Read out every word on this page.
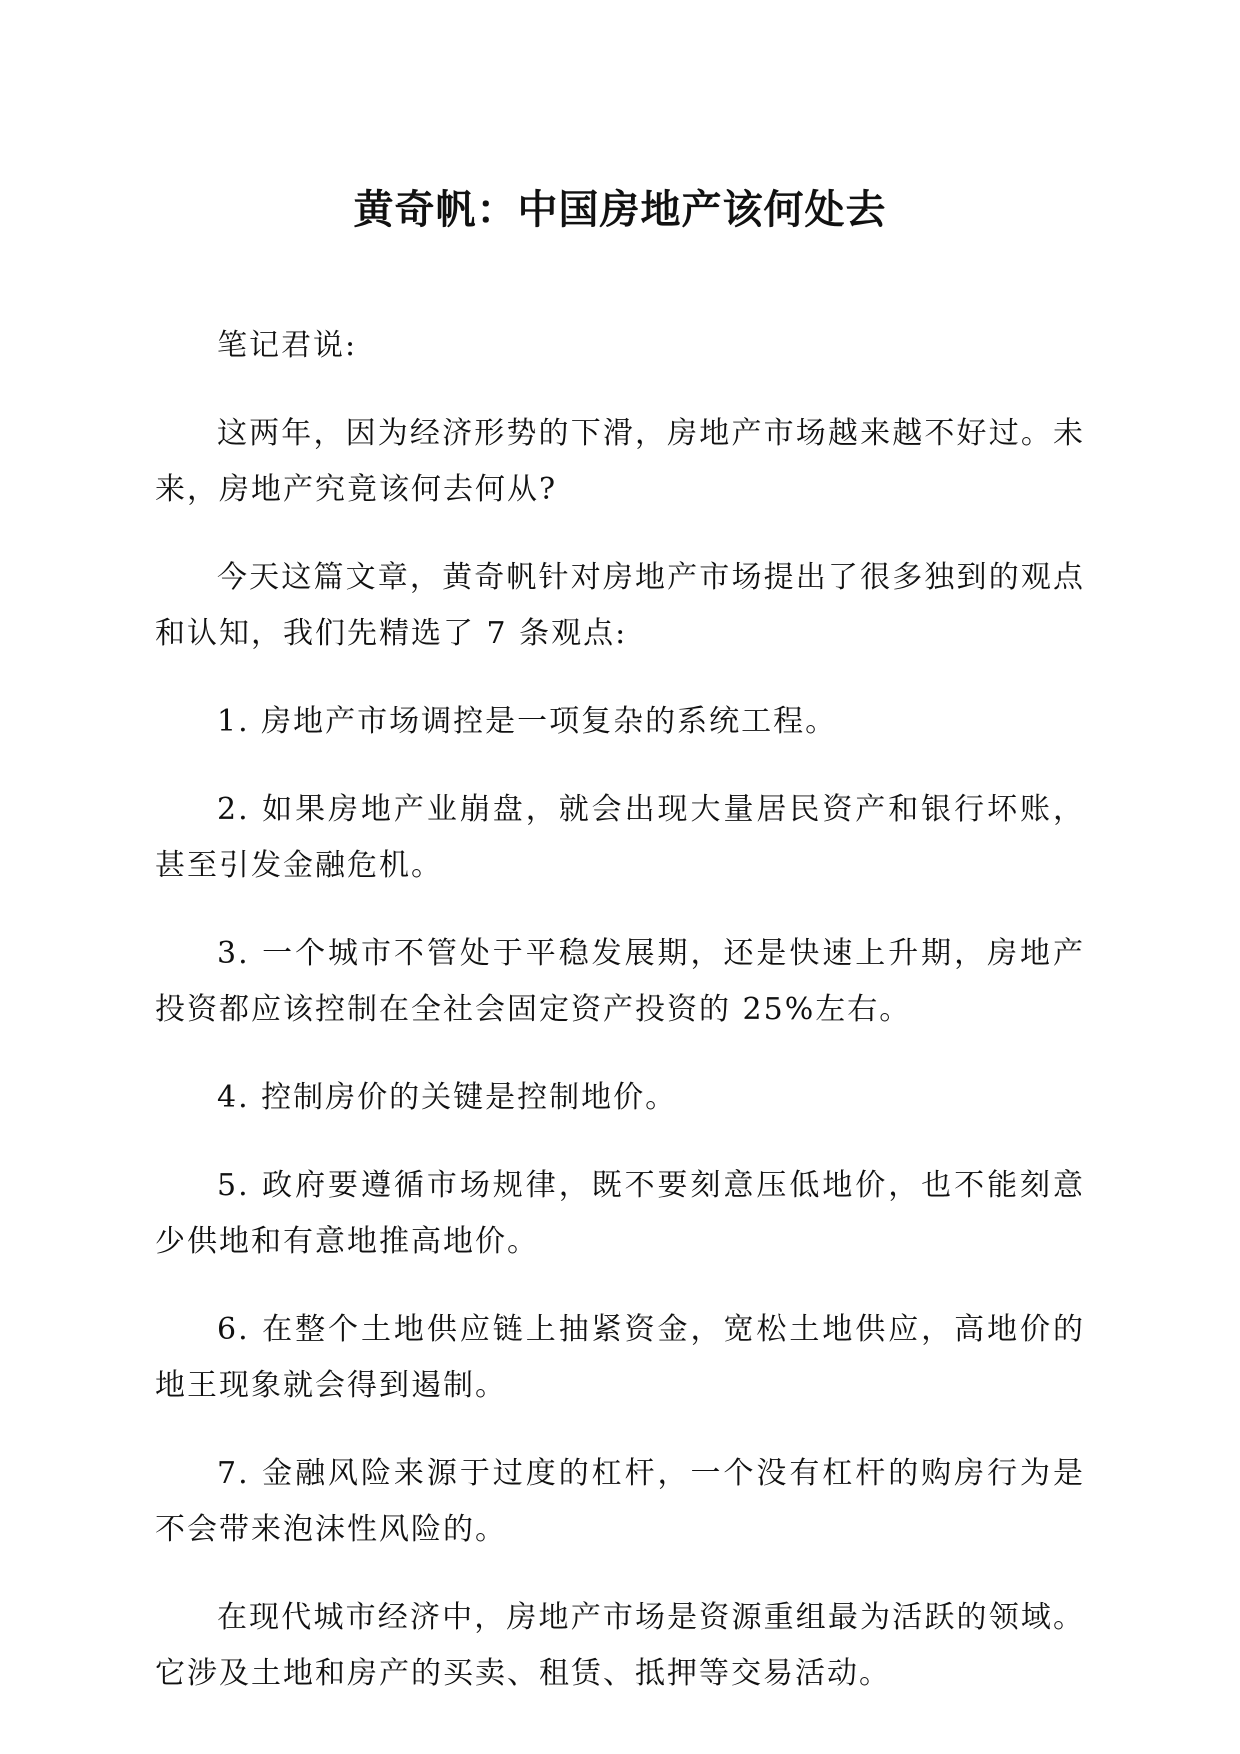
黄奇帆：中国房地产该何处去

笔记君说:

这两年，因为经济形势的下滑，房地产市场越来越不好过。未来，房地产究竟该何去何从?

今天这篇文章，黄奇帆针对房地产市场提出了很多独到的观点和认知，我们先精选了 7 条观点:

1. 房地产市场调控是一项复杂的系统工程。

2. 如果房地产业崩盘，就会出现大量居民资产和银行坏账，甚至引发金融危机。

3. 一个城市不管处于平稳发展期，还是快速上升期，房地产投资都应该控制在全社会固定资产投资的 25%左右。

4. 控制房价的关键是控制地价。

5. 政府要遵循市场规律，既不要刻意压低地价，也不能刻意少供地和有意地推高地价。

6. 在整个土地供应链上抽紧资金，宽松土地供应，高地价的地王现象就会得到遏制。

7. 金融风险来源于过度的杠杆，一个没有杠杆的购房行为是不会带来泡沫性风险的。

在现代城市经济中，房地产市场是资源重组最为活跃的领域。它涉及土地和房产的买卖、租赁、抵押等交易活动。
